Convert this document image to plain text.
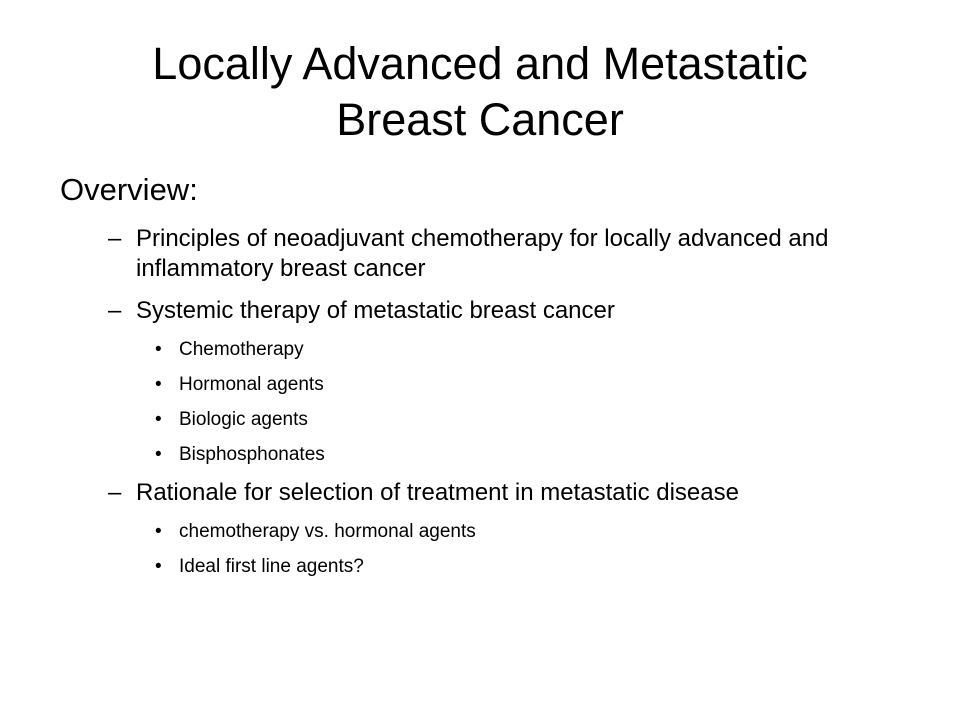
Locally Advanced and Metastatic
Breast Cancer
Overview:
– Principles of neoadjuvant chemotherapy for locally advanced and inflammatory breast cancer
– Systemic therapy of metastatic breast cancer
• Chemotherapy
• Hormonal agents
• Biologic agents
• Bisphosphonates
– Rationale for selection of treatment in metastatic disease
• chemotherapy vs. hormonal agents
• Ideal first line agents?
